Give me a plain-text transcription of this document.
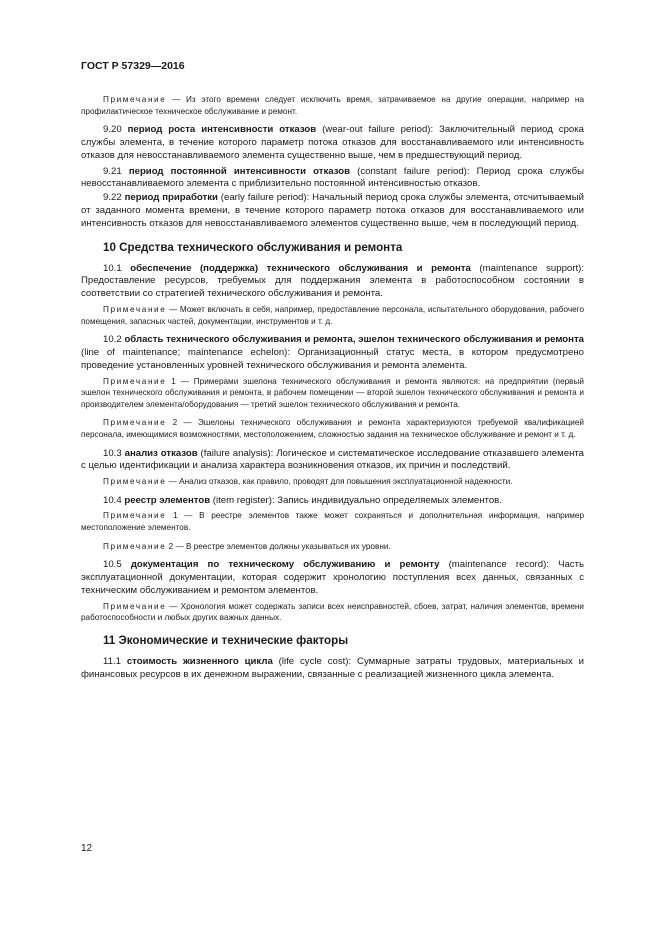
ГОСТ Р 57329—2016

Примечание — Из этого времени следует исключить время, затрачиваемое на другие операции, например на профилактическое техническое обслуживание и ремонт.

9.20 период роста интенсивности отказов (wear-out failure period): Заключительный период срока службы элемента, в течение которого параметр потока отказов для восстанавливаемого или интенсивность отказов для невосстанавливаемого элемента существенно выше, чем в предшествующий период.

9.21 период постоянной интенсивности отказов (constant failure period): Период срока службы невосстанавливаемого элемента с приблизительно постоянной интенсивностью отказов.

9.22 период приработки (early failure period): Начальный период срока службы элемента, отсчитываемый от заданного момента времени, в течение которого параметр потока отказов для восстанавливаемого или интенсивность отказов для невосстанавливаемого элементов существенно выше, чем в последующий период.

10 Средства технического обслуживания и ремонта

10.1 обеспечение (поддержка) технического обслуживания и ремонта (maintenance support): Предоставление ресурсов, требуемых для поддержания элемента в работоспособном состоянии в соответствии со стратегией технического обслуживания и ремонта.

Примечание — Может включать в себя, например, предоставление персонала, испытательного оборудования, рабочего помещения, запасных частей, документации, инструментов и т. д.

10.2 область технического обслуживания и ремонта, эшелон технического обслуживания и ремонта (line of maintenance; maintenance echelon): Организационный статус места, в котором предусмотрено проведение установленных уровней технического обслуживания и ремонта элемента.

Примечание 1 — Примерами эшелона технического обслуживания и ремонта являются: на предприятии (первый эшелон технического обслуживания и ремонта, в рабочем помещении — второй эшелон технического обслуживания и ремонта и производителем элемента/оборудования — третий эшелон технического обслуживания и ремонта.

Примечание 2 — Эшелоны технического обслуживания и ремонта характеризуются требуемой квалификацией персонала, имеющимися возможностями, местоположением, сложностью задания на техническое обслуживание и ремонт и т. д.

10.3 анализ отказов (failure analysis): Логическое и систематическое исследование отказавшего элемента с целью идентификации и анализа характера возникновения отказов, их причин и последствий.

Примечание — Анализ отказов, как правило, проводят для повышения эксплуатационной надежности.

10.4 реестр элементов (item register): Запись индивидуально определяемых элементов.

Примечание 1 — В реестре элементов также может сохраняться и дополнительная информация, например местоположение элементов.

Примечание 2 — В реестре элементов должны указываться их уровни.

10.5 документация по техническому обслуживанию и ремонту (maintenance record): Часть эксплуатационной документации, которая содержит хронологию поступления всех данных, связанных с техническим обслуживанием и ремонтом элементов.

Примечание — Хронология может содержать записи всех неисправностей, сбоев, затрат, наличия элементов, времени работоспособности и любых других важных данных.

11 Экономические и технические факторы

11.1 стоимость жизненного цикла (life cycle cost): Суммарные затраты трудовых, материальных и финансовых ресурсов в их денежном выражении, связанные с реализацией жизненного цикла элемента.

12
